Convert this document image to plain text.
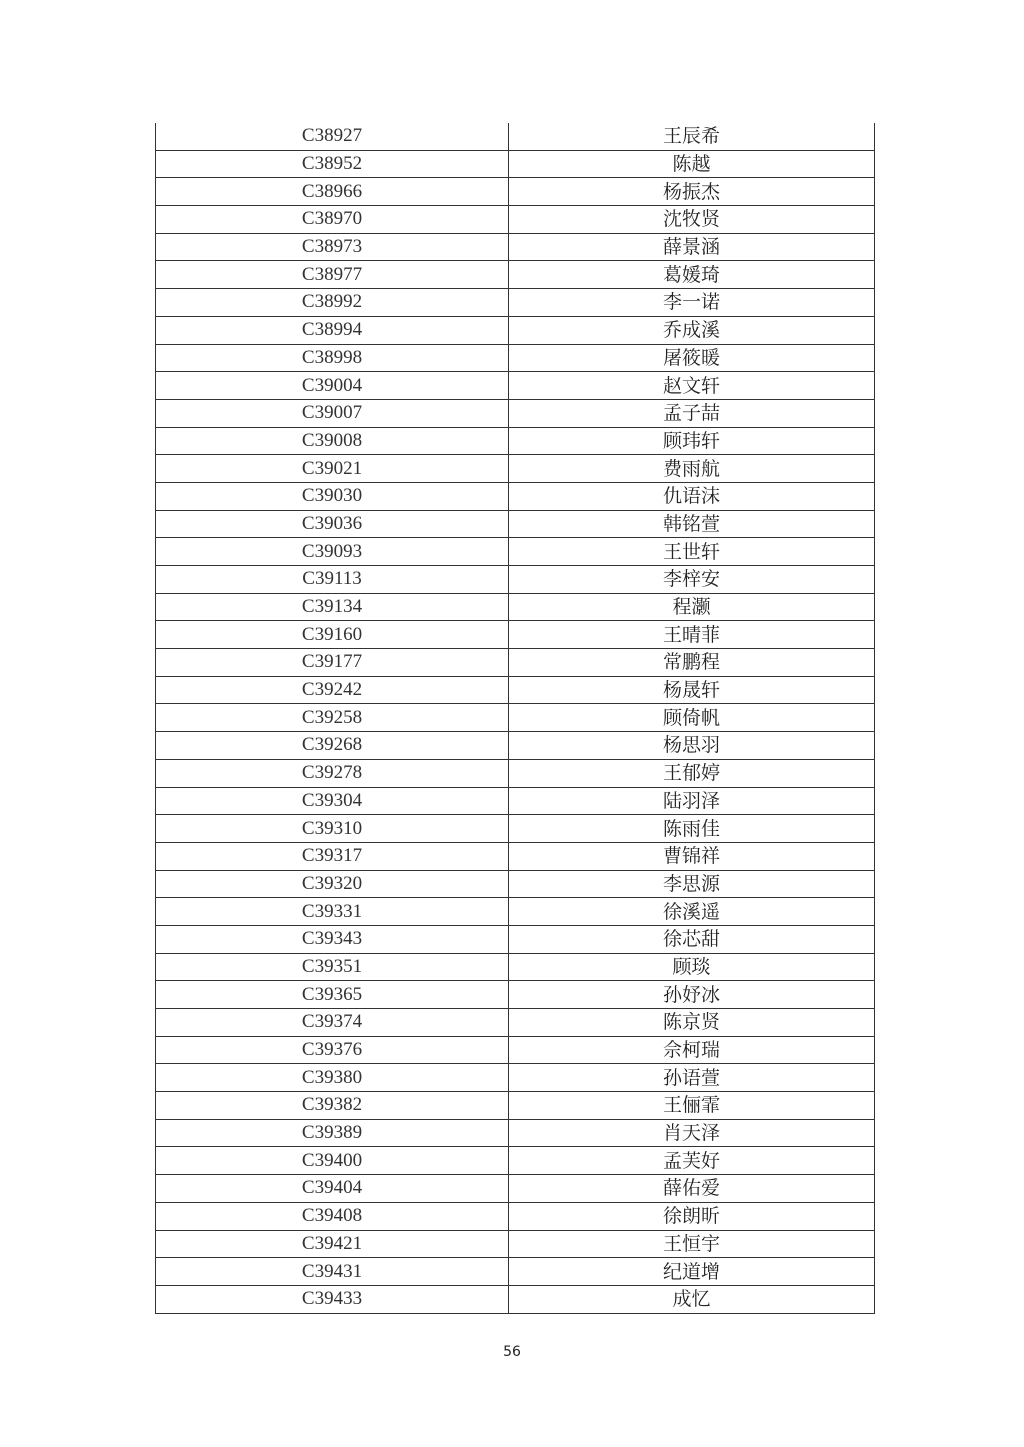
C38927	王辰希
C38952	陈越
C38966	杨振杰
C38970	沈牧贤
C38973	薛景涵
C38977	葛媛琦
C38992	李一诺
C38994	乔成溪
C38998	屠筱暖
C39004	赵文轩
C39007	孟子喆
C39008	顾玮轩
C39021	费雨航
C39030	仇语沫
C39036	韩铭萱
C39093	王世轩
C39113	李梓安
C39134	程灏
C39160	王晴菲
C39177	常鹏程
C39242	杨晟轩
C39258	顾倚帆
C39268	杨思羽
C39278	王郁婷
C39304	陆羽泽
C39310	陈雨佳
C39317	曹锦祥
C39320	李思源
C39331	徐溪遥
C39343	徐芯甜
C39351	顾琰
C39365	孙妤冰
C39374	陈京贤
C39376	佘柯瑞
C39380	孙语萱
C39382	王俪霏
C39389	肖天泽
C39400	孟芙好
C39404	薛佑爱
C39408	徐朗昕
C39421	王恒宇
C39431	纪道增
C39433	成忆
56
